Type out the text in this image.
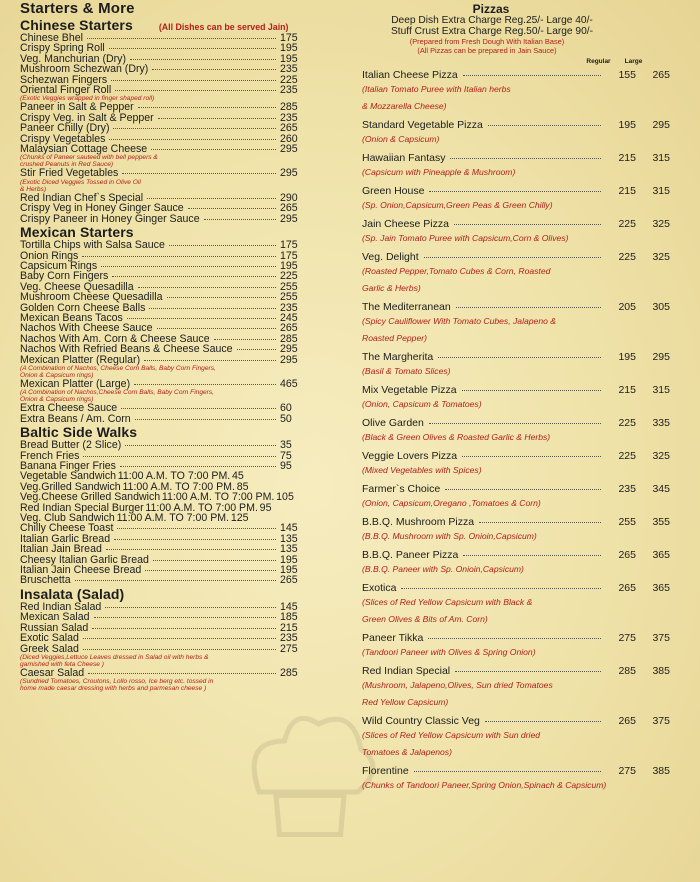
Starters & More
Chinese Starters	(All Dishes can be served Jain)
Chinese Bhel	175
Crispy Spring Roll	195
Veg. Manchurian (Dry)	195
Mushroom Schezwan (Dry)	235
Schezwan Fingers	225
Oriental Finger Roll	235
(Exotic Veggies wrapped in finger shaped roll)
Paneer in Salt & Pepper	285
Crispy Veg. in Salt & Pepper	235
Paneer Chilly (Dry)	265
Crispy Vegetables	260
Malaysian Cottage Cheese	295
(Chunks of Paneer sauteed with bell peppers &
crushed Peanuts in Red Sauce)
Stir Fried Vegetables	295
(Exotic Diced Veggies Tossed in Olive Oil
& Herbs)
Red Indian Chef`s Special	290
Crispy Veg in Honey Ginger Sauce	265
Crispy Paneer in Honey Ginger Sauce	295
Mexican Starters
Tortilla Chips with Salsa Sauce	175
Onion Rings	175
Capsicum Rings	195
Baby Corn Fingers	225
Veg. Cheese Quesadilla	255
Mushroom Cheese Quesadilla	255
Golden Corn Cheese Balls	235
Mexican Beans Tacos	245
Nachos With Cheese Sauce	265
Nachos With Am. Corn & Cheese Sauce	285
Nachos With Refried Beans & Cheese Sauce	295
Mexican Platter (Regular)	295
(A Combination of Nachos, Cheese Corn Balls, Baby Corn Fingers,
Onion & Capsicum rings)
Mexican Platter (Large)	465
(A Combination of Nachos,Cheese Corn Balls, Baby Corn Fingers,
Onion & Capsicum rings)
Extra Cheese Sauce	60
Extra Beans / Am. Corn	50
Baltic Side Walks
Bread Butter (2 Slice)	35
French Fries	75
Banana Finger Fries	95
Vegetable Sandwich 11:00 A.M. TO 7:00 PM. 45
Veg.Grilled Sandwich 11:00 A.M. TO 7:00 PM. 85
Veg.Cheese Grilled Sandwich 11:00 A.M. TO 7:00 PM. 105
Red Indian Special Burger 11:00 A.M. TO 7:00 PM. 95
Veg. Club Sandwich 11:00 A.M. TO 7:00 PM. 125
Chilly Cheese Toast	145
Italian Garlic Bread	135
Italian Jain Bread	135
Cheesy Italian Garlic Bread	195
Italian Jain Cheese Bread	195
Bruschetta	265
Insalata (Salad)
Red Indian Salad	145
Mexican Salad	185
Russian Salad	215
Exotic Salad	235
Greek Salad	275
(Diced Veggies,Lettuce Leaves dressed in Salad oil with herbs &
garnished with feta Cheese )
Caesar Salad	285
(Sundried Tomatoes, Croutons, Lollo rosso, Ice berg etc. tossed in
home made caesar dressing with herbs and parmesan cheese )
Pizzas
Deep Dish Extra Charge Reg.25/- Large 40/-
Stuff Crust Extra Charge Reg.50/- Large 90/-
(Prepared from Fresh Dough With Italian Base)
(All Pizzas can be prepared in Jain Sauce)
Regular	Large
Italian Cheese Pizza	155	265
(Italian Tomato Puree with Italian herbs
& Mozzarella Cheese)
Standard Vegetable Pizza	195	295
(Onion & Capsicum)
Hawaiian Fantasy	215	315
(Capsicum with Pineapple & Mushroom)
Green House	215	315
(Sp. Onion,Capsicum,Green Peas & Green Chilly)
Jain Cheese Pizza	225	325
(Sp. Jain Tomato Puree with Capsicum,Corn & Olives)
Veg. Delight	225	325
(Roasted Pepper,Tomato Cubes & Corn, Roasted
Garlic & Herbs)
The Mediterranean	205	305
(Spicy Cauliflower With Tomato Cubes, Jalapeno &
Roasted Pepper)
The Margherita	195	295
(Basil & Tomato Slices)
Mix Vegetable Pizza	215	315
(Onion, Capsicum & Tomatoes)
Olive Garden	225	335
(Black & Green Olives & Roasted Garlic & Herbs)
Veggie Lovers Pizza	225	325
(Mixed Vegetables with Spices)
Farmer`s Choice	235	345
(Onion, Capsicum,Oregano ,Tomatoes & Corn)
B.B.Q. Mushroom Pizza	255	355
(B.B.Q. Mushroom with Sp. Onioin,Capsicum)
B.B.Q. Paneer Pizza	265	365
(B.B.Q. Paneer with Sp. Onioin,Capsicum)
Exotica	265	365
(Slices of Red Yellow Capsicum with Black &
Green Olives & Bits of Am. Corn)
Paneer Tikka	275	375
(Tandoori Paneer with Olives & Spring Onion)
Red Indian Special	285	385
(Mushroom, Jalapeno,Olives, Sun dried Tomatoes
Red Yellow Capsicum)
Wild Country Classic Veg	265	375
(Slices of Red Yellow Capsicum with Sun dried
Tomatoes & Jalapenos)
Florentine	275	385
(Chunks of Tandoori Paneer,Spring Onion,Spinach & Capsicum)
